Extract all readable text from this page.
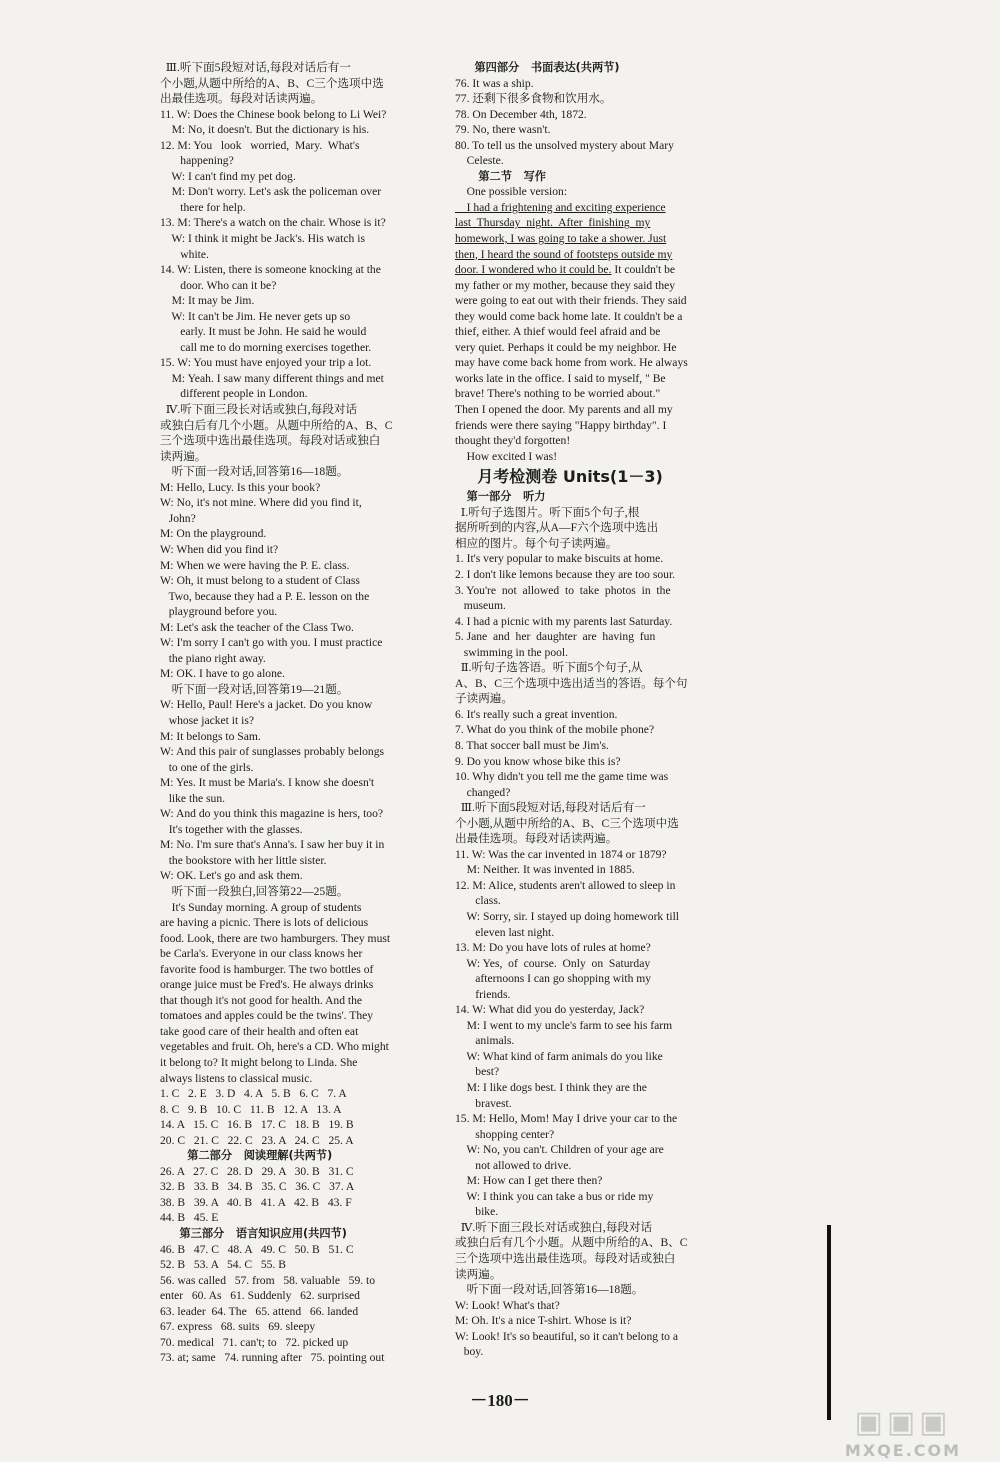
Ⅲ.听下面5段短对话,每段对话后有一
个小题,从题中所给的A、B、C三个选项中选
出最佳选项。每段对话读两遍。
11. W: Does the Chinese book belong to Li Wei?
M: No, it doesn't. But the dictionary is his.
12. M: You   look   worried,  Mary.  What's
happening?
W: I can't find my pet dog.
M: Don't worry. Let's ask the policeman over
there for help.
13. M: There's a watch on the chair. Whose is it?
W: I think it might be Jack's. His watch is
white.
14. W: Listen, there is someone knocking at the
door. Who can it be?
M: It may be Jim.
W: It can't be Jim. He never gets up so
early. It must be John. He said he would
call me to do morning exercises together.
15. W: You must have enjoyed your trip a lot.
M: Yeah. I saw many different things and met
different people in London.
Ⅳ.听下面三段长对话或独白,每段对话
或独白后有几个小题。从题中所给的A、B、C
三个选项中选出最佳选项。每段对话或独白
读两遍。
听下面一段对话,回答第16—18题。
M: Hello, Lucy. Is this your book?
W: No, it's not mine. Where did you find it,
John?
M: On the playground.
W: When did you find it?
M: When we were having the P. E. class.
W: Oh, it must belong to a student of Class
Two, because they had a P. E. lesson on the
playground before you.
M: Let's ask the teacher of the Class Two.
W: I'm sorry I can't go with you. I must practice
the piano right away.
M: OK. I have to go alone.
听下面一段对话,回答第19—21题。
W: Hello, Paul! Here's a jacket. Do you know
whose jacket it is?
M: It belongs to Sam.
W: And this pair of sunglasses probably belongs
to one of the girls.
M: Yes. It must be Maria's. I know she doesn't
like the sun.
W: And do you think this magazine is hers, too?
It's together with the glasses.
M: No. I'm sure that's Anna's. I saw her buy it in
the bookstore with her little sister.
W: OK. Let's go and ask them.
听下面一段独白,回答第22—25题。
It's Sunday morning. A group of students
are having a picnic. There is lots of delicious
food. Look, there are two hamburgers. They must
be Carla's. Everyone in our class knows her
favorite food is hamburger. The two bottles of
orange juice must be Fred's. He always drinks
that though it's not good for health. And the
tomatoes and apples could be the twins'. They
take good care of their health and often eat
vegetables and fruit. Oh, here's a CD. Who might
it belong to? It might belong to Linda. She
always listens to classical music.
1. C   2. E   3. D   4. A   5. B   6. C   7. A
8. C   9. B   10. C   11. B   12. A   13. A
14. A   15. C   16. B   17. C   18. B   19. B
20. C   21. C   22. C   23. A   24. C   25. A
第二部分   阅读理解(共两节)
26. A   27. C   28. D   29. A   30. B   31. C
32. B   33. B   34. B   35. C   36. C   37. A
38. B   39. A   40. B   41. A   42. B   43. F
44. B   45. E
第三部分   语言知识应用(共四节)
46. B   47. C   48. A   49. C   50. B   51. C
52. B   53. A   54. C   55. B
56. was called   57. from   58. valuable   59. to
enter   60. As   61. Suddenly   62. surprised
63. leader  64. The   65. attend   66. landed
67. express   68. suits   69. sleepy
70. medical   71. can't; to   72. picked up
73. at; same   74. running after   75. pointing out
第四部分   书面表达(共两节)
76. It was a ship.
77. 还剩下很多食物和饮用水。
78. On December 4th, 1872.
79. No, there wasn't.
80. To tell us the unsolved mystery about Mary
Celeste.
第二节   写作
One possible version:
I had a frightening and exciting experience
last  Thursday  night.  After  finishing  my
homework, I was going to take a shower. Just
then, I heard the sound of footsteps outside my
door. I wondered who it could be. It couldn't be
my father or my mother, because they said they
were going to eat out with their friends. They said
they would come back home late. It couldn't be a
thief, either. A thief would feel afraid and be
very quiet. Perhaps it could be my neighbor. He
may have come back home from work. He always
works late in the office. I said to myself, " Be
brave! There's nothing to be worried about."
Then I opened the door. My parents and all my
friends were there saying "Happy birthday". I
thought they'd forgotten!
How excited I was!
月考检测卷 Units(1－3)
第一部分   听力
Ⅰ.听句子选图片。听下面5个句子,根
据所听到的内容,从A—F六个选项中选出
相应的图片。每个句子读两遍。
1. It's very popular to make biscuits at home.
2. I don't like lemons because they are too sour.
3. You're  not  allowed  to  take  photos  in  the
museum.
4. I had a picnic with my parents last Saturday.
5. Jane  and  her  daughter  are  having  fun
swimming in the pool.
Ⅱ.听句子选答语。听下面5个句子,从
A、B、C三个选项中选出适当的答语。每个句
子读两遍。
6. It's really such a great invention.
7. What do you think of the mobile phone?
8. That soccer ball must be Jim's.
9. Do you know whose bike this is?
10. Why didn't you tell me the game time was
changed?
Ⅲ.听下面5段短对话,每段对话后有一
个小题,从题中所给的A、B、C三个选项中选
出最佳选项。每段对话读两遍。
11. W: Was the car invented in 1874 or 1879?
M: Neither. It was invented in 1885.
12. M: Alice, students aren't allowed to sleep in
class.
W: Sorry, sir. I stayed up doing homework till
eleven last night.
13. M: Do you have lots of rules at home?
W: Yes,  of  course.  Only  on  Saturday
afternoons I can go shopping with my
friends.
14. W: What did you do yesterday, Jack?
M: I went to my uncle's farm to see his farm
animals.
W: What kind of farm animals do you like
best?
M: I like dogs best. I think they are the
bravest.
15. M: Hello, Mom! May I drive your car to the
shopping center?
W: No, you can't. Children of your age are
not allowed to drive.
M: How can I get there then?
W: I think you can take a bus or ride my
bike.
Ⅳ.听下面三段长对话或独白,每段对话
或独白后有几个小题。从题中所给的A、B、C
三个选项中选出最佳选项。每段对话或独白
读两遍。
听下面一段对话,回答第16—18题。
W: Look! What's that?
M: Oh. It's a nice T-shirt. Whose is it?
W: Look! It's so beautiful, so it can't belong to a
boy.
－180－
▣▣▣
MXQE.COM
